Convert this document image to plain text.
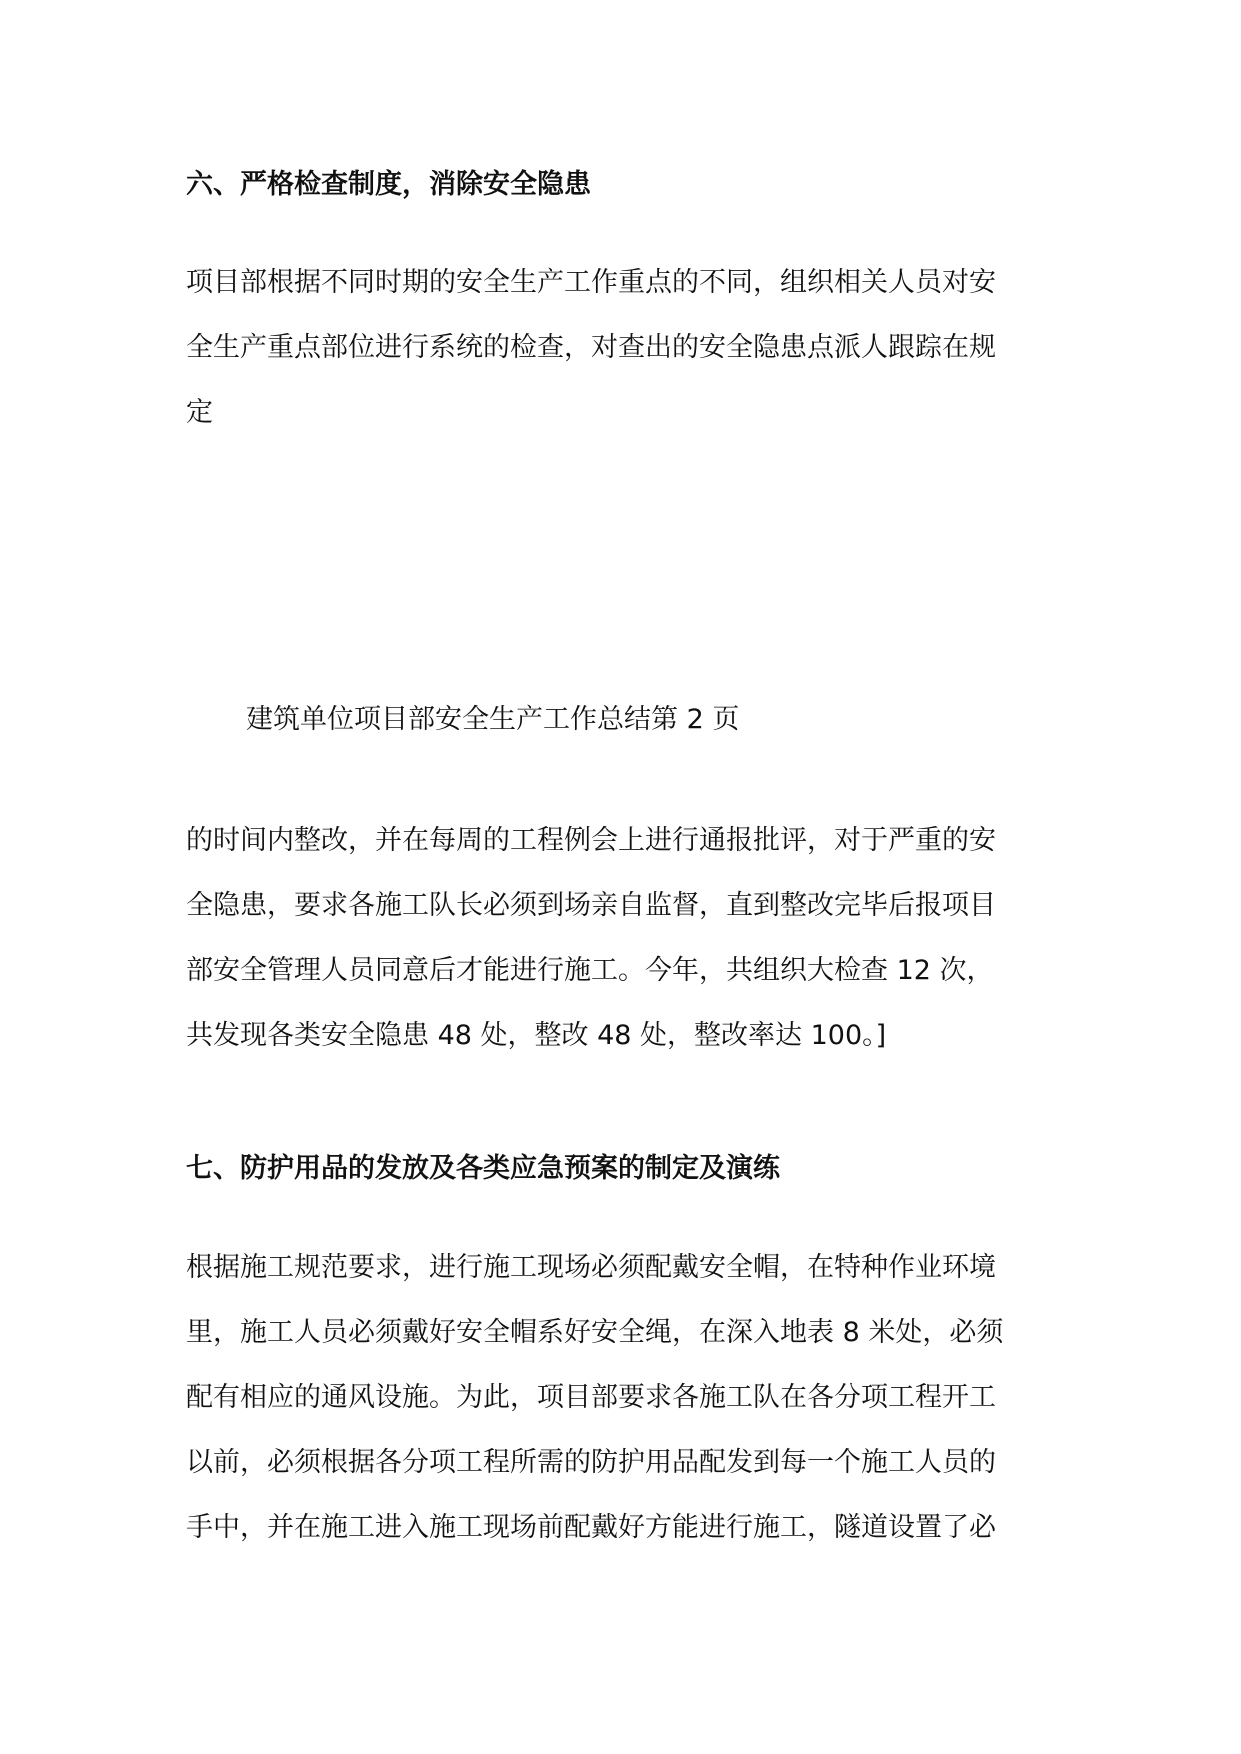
六、严格检查制度，消除安全隐患
项目部根据不同时期的安全生产工作重点的不同，组织相关人员对安
全生产重点部位进行系统的检查，对查出的安全隐患点派人跟踪在规
定
建筑单位项目部安全生产工作总结第 2 页
的时间内整改，并在每周的工程例会上进行通报批评，对于严重的安
全隐患，要求各施工队长必须到场亲自监督，直到整改完毕后报项目
部安全管理人员同意后才能进行施工。今年，共组织大检查 12 次，
共发现各类安全隐患 48 处，整改 48 处，整改率达 100。]
七、防护用品的发放及各类应急预案的制定及演练
根据施工规范要求，进行施工现场必须配戴安全帽，在特种作业环境
里，施工人员必须戴好安全帽系好安全绳，在深入地表 8 米处，必须
配有相应的通风设施。为此，项目部要求各施工队在各分项工程开工
以前，必须根据各分项工程所需的防护用品配发到每一个施工人员的
手中，并在施工进入施工现场前配戴好方能进行施工，隧道设置了必
